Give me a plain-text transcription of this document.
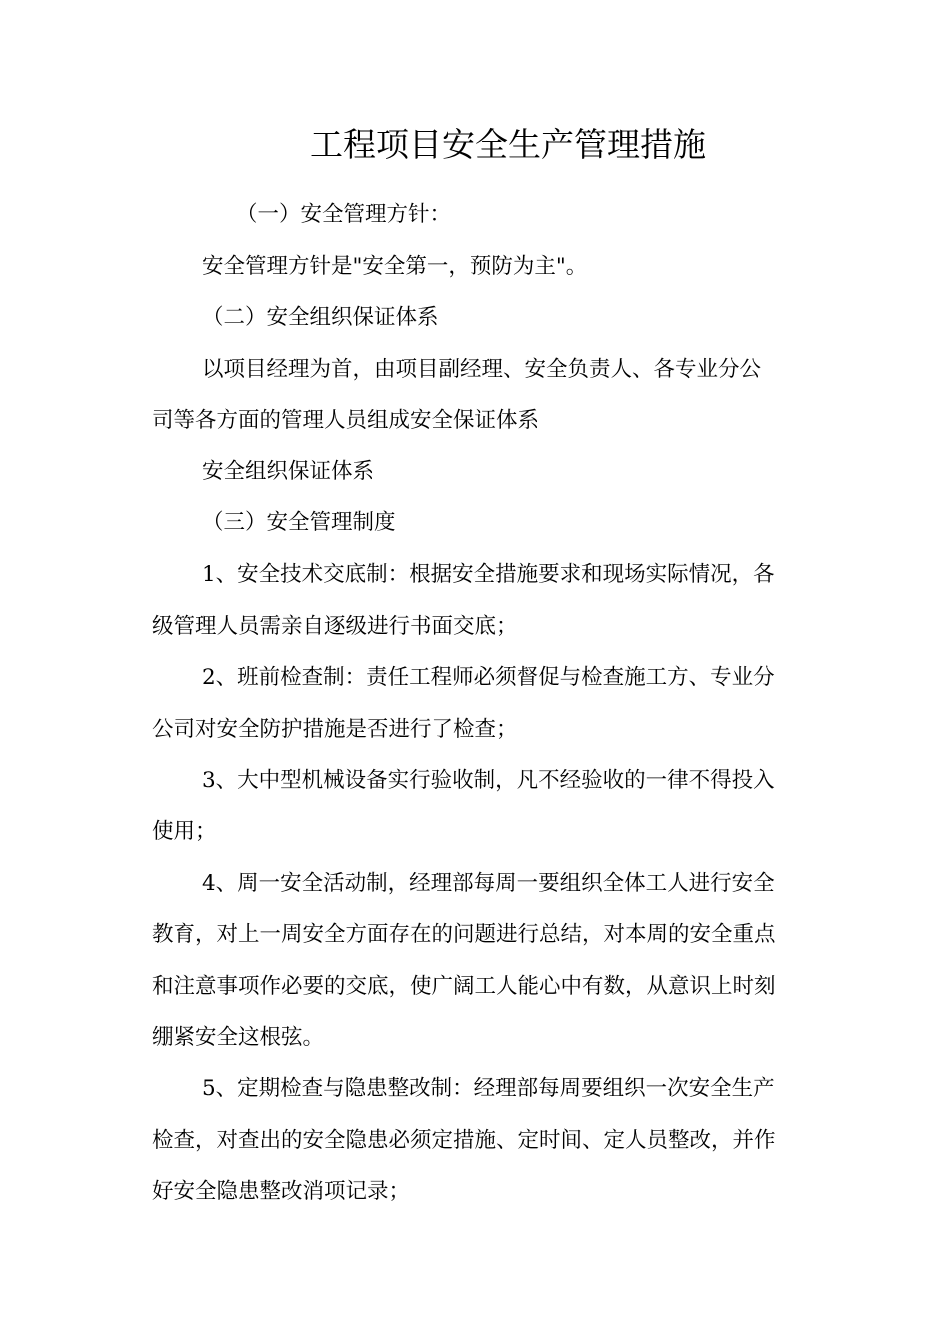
工程项目安全生产管理措施
（一）安全管理方针：
安全管理方针是"安全第一，预防为主"。
（二）安全组织保证体系
以项目经理为首，由项目副经理、安全负责人、各专业分公
司等各方面的管理人员组成安全保证体系
安全组织保证体系
（三）安全管理制度
1、安全技术交底制：根据安全措施要求和现场实际情况，各
级管理人员需亲自逐级进行书面交底；
2、班前检查制：责任工程师必须督促与检查施工方、专业分
公司对安全防护措施是否进行了检查；
3、大中型机械设备实行验收制，凡不经验收的一律不得投入
使用；
4、周一安全活动制，经理部每周一要组织全体工人进行安全
教育，对上一周安全方面存在的问题进行总结，对本周的安全重点
和注意事项作必要的交底，使广阔工人能心中有数，从意识上时刻
绷紧安全这根弦。
5、定期检查与隐患整改制：经理部每周要组织一次安全生产
检查，对查出的安全隐患必须定措施、定时间、定人员整改，并作
好安全隐患整改消项记录；
